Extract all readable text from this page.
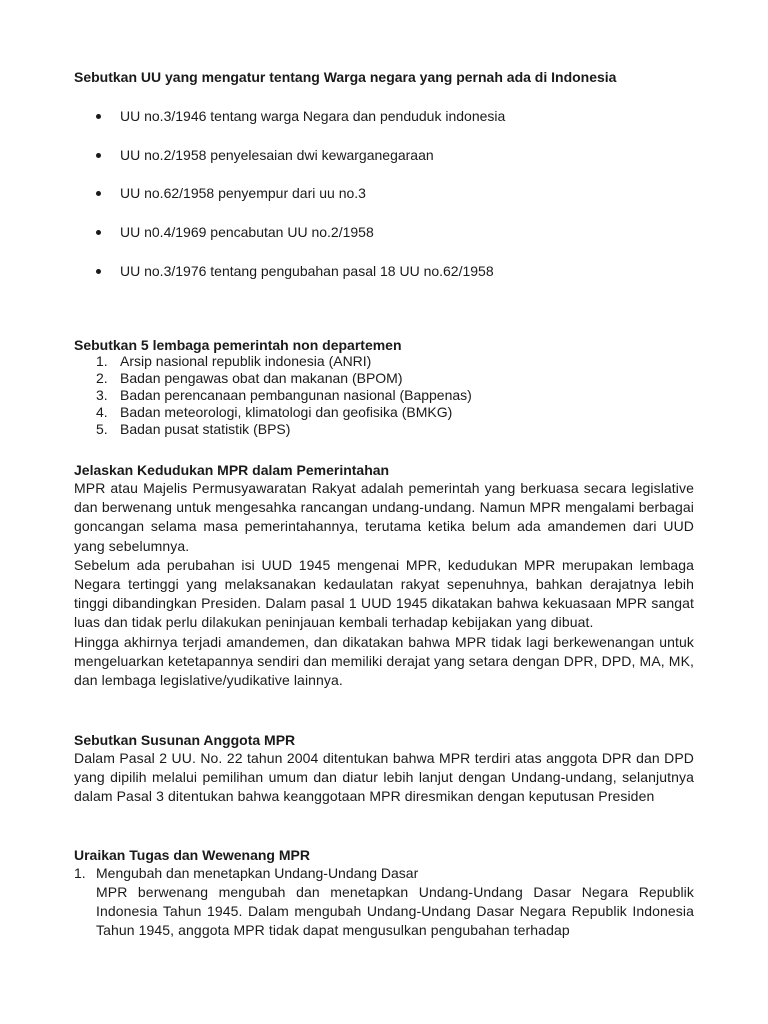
Sebutkan UU yang mengatur tentang Warga negara yang pernah ada di Indonesia
UU no.3/1946 tentang warga Negara dan penduduk indonesia
UU no.2/1958 penyelesaian dwi kewarganegaraan
UU no.62/1958 penyempur dari uu no.3
UU n0.4/1969 pencabutan UU no.2/1958
UU no.3/1976 tentang pengubahan pasal 18 UU no.62/1958
Sebutkan 5 lembaga pemerintah non departemen
1. Arsip nasional republik indonesia (ANRI)
2. Badan pengawas obat dan makanan (BPOM)
3. Badan perencanaan pembangunan nasional (Bappenas)
4. Badan meteorologi, klimatologi dan geofisika (BMKG)
5. Badan pusat statistik (BPS)
Jelaskan Kedudukan MPR dalam Pemerintahan

MPR atau Majelis Permusyawaratan Rakyat adalah pemerintah yang berkuasa secara legislative dan berwenang untuk mengesahka rancangan undang-undang. Namun MPR mengalami berbagai goncangan selama masa pemerintahannya, terutama ketika belum ada amandemen dari UUD yang sebelumnya.

Sebelum ada perubahan isi UUD 1945 mengenai MPR, kedudukan MPR merupakan lembaga Negara tertinggi yang melaksanakan kedaulatan rakyat sepenuhnya, bahkan derajatnya lebih tinggi dibandingkan Presiden. Dalam pasal 1 UUD 1945 dikatakan bahwa kekuasaan MPR sangat luas dan tidak perlu dilakukan peninjauan kembali terhadap kebijakan yang dibuat.

Hingga akhirnya terjadi amandemen, dan dikatakan bahwa MPR tidak lagi berkewenangan untuk mengeluarkan ketetapannya sendiri dan memiliki derajat yang setara dengan DPR, DPD, MA, MK, dan lembaga legislative/yudikative lainnya.

Sebutkan Susunan Anggota MPR

Dalam Pasal 2 UU. No. 22 tahun 2004 ditentukan bahwa MPR terdiri atas anggota DPR dan DPD yang dipilih melalui pemilihan umum dan diatur lebih lanjut dengan Undang-undang, selanjutnya dalam Pasal 3 ditentukan bahwa keanggotaan MPR diresmikan dengan keputusan Presiden

Uraikan Tugas dan Wewenang MPR
1. Mengubah dan menetapkan Undang-Undang Dasar
MPR berwenang mengubah dan menetapkan Undang-Undang Dasar Negara Republik Indonesia Tahun 1945. Dalam mengubah Undang-Undang Dasar Negara Republik Indonesia Tahun 1945, anggota MPR tidak dapat mengusulkan pengubahan terhadap
